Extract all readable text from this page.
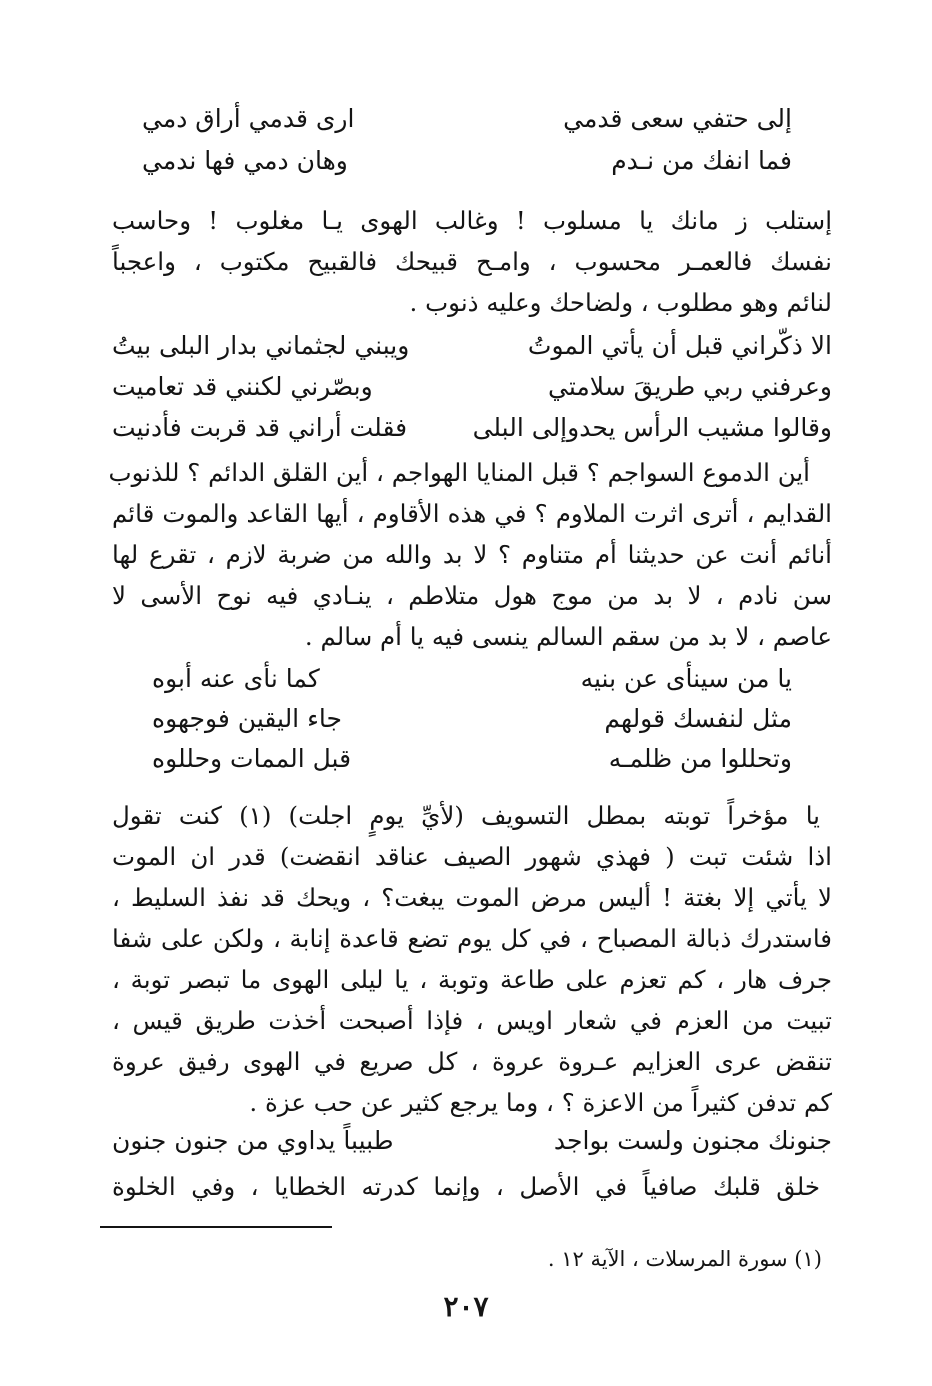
إلى حتفي سعى قدمي
ارى قدمي أراق دمي
فما انفك من نـدم
وهان دمي فها ندمي

إستلب ز مانك يا مسلوب ! وغالب الهوى يـا مغلوب ! وحاسب

نفسك فالعمـر محسوب ، وامـح قبيحك فالقبيح مكتوب ، واعجباً

لنائم وهو مطلوب ، ولضاحك وعليه ذنوب .

الا ذكّراني قبل أن يأتي الموتُ
ويبني لجثماني بدار البلى بيتُ
وعرفني ربي طريقَ سلامتي
وبصّرني لكنني قد تعاميت
وقالوا مشيب الرأس يحدوإلى البلى
فقلت أراني قد قربت فأدنيت

أين الدموع السواجم ؟ قبل المنايا الهواجم ، أين القلق الدائم ؟ للذنوب

القدايم ، أترى اثرت الملاوم ؟ في هذه الأقاوم ، أيها القاعد والموت قائم

أنائم أنت عن حديثنا أم متناوم ؟ لا بد والله من ضربة لازم ، تقرع لها

سن نادم ، لا بد من موج هول متلاطم ، ينـادي فيه نوح الأسى لا

عاصم ، لا بد من سقم السالم ينسى فيه يا أم سالم .

يا من سينأى عن بنيه
كما نأى عنه أبوه
مثل لنفسك قولهم
جاء اليقين فوجهوه
وتحللوا من ظلمـه
قبل الممات وحللوه

يا مؤخراً توبته بمطل التسويف (لأيِّ يومٍ اجلت) (١) كنت تقول

اذا شئت تبت ( فهذي شهور الصيف عناقد انقضت) قدر ان الموت

لا يأتي إلا بغتة ! أليس مرض الموت يبغت؟ ، ويحك قد نفذ السليط ،

فاستدرك ذبالة المصباح ، في كل يوم تضع قاعدة إنابة ، ولكن على شفا

جرف هار ، كم تعزم على طاعة وتوبة ، يا ليلى الهوى ما تبصر توبة ،

تبيت من العزم في شعار اويس ، فإذا أصبحت أخذت طريق قيس ،

تنقض عرى العزايم عـروة عروة ، كل صريع في الهوى رفيق عروة

كم تدفن كثيراً من الاعزة ؟ ، وما يرجع كثير عن حب عزة .

جنونك مجنون ولست بواجد
طبيباً يداوي من جنون جنون

خلق قلبك صافياً في الأصل ، وإنما كدرته الخطايا ، وفي الخلوة

(١) سورة المرسلات ، الآية ١٢ .
٢٠٧
